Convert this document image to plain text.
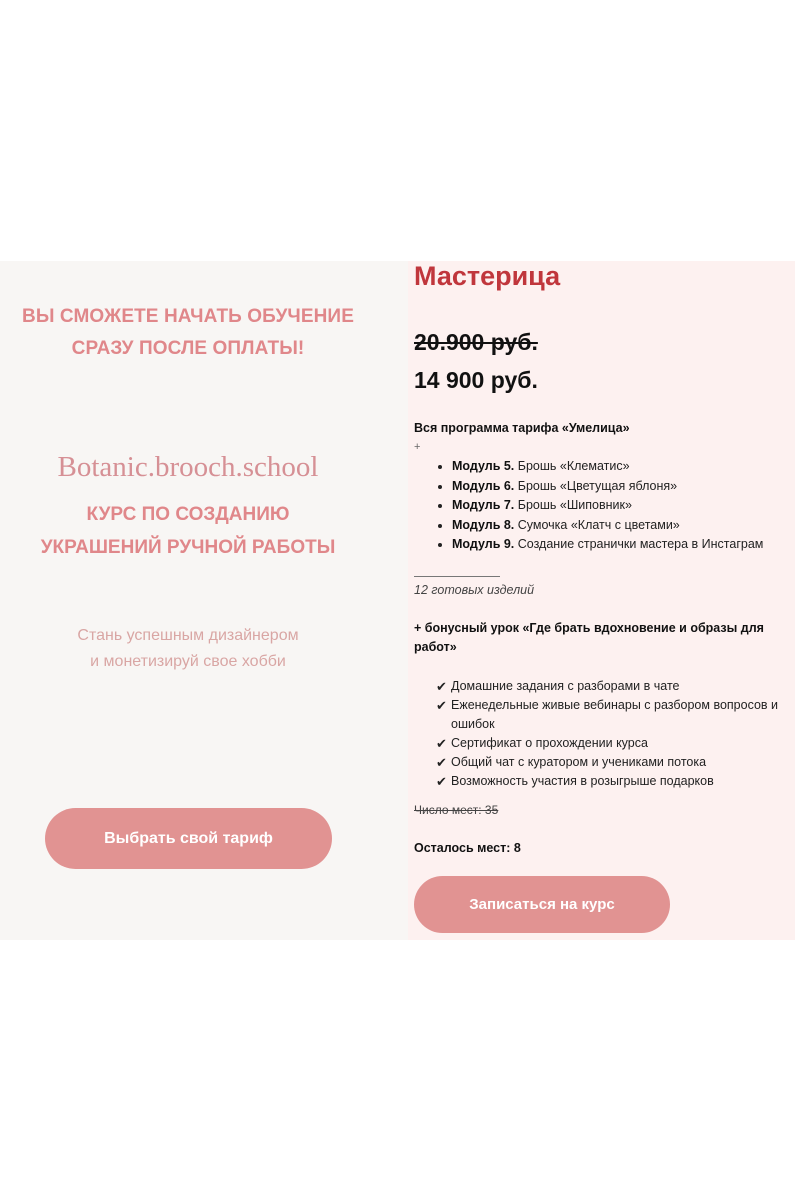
ВЫ СМОЖЕТЕ НАЧАТЬ ОБУЧЕНИЕ
СРАЗУ ПОСЛЕ ОПЛАТЫ!
Botanic.brooch.school
КУРС ПО СОЗДАНИЮ
УКРАШЕНИЙ РУЧНОЙ РАБОТЫ
Стань успешным дизайнером
и монетизируй свое хобби
Выбрать свой тариф
Мастерица
20.900 руб.
14 900 руб.
Вся программа тарифа «Умелица»
+
• Модуль 5. Брошь «Клематис»
• Модуль 6. Брошь «Цветущая яблоня»
• Модуль 7. Брошь «Шиповник»
• Модуль 8. Сумочка «Клатч с цветами»
• Модуль 9. Создание странички мастера в Инстаграм
12 готовых изделий
+ бонусный урок «Где брать вдохновение и образы для работ»
✔ Домашние задания с разборами в чате
✔ Еженедельные живые вебинары с разбором вопросов и ошибок
✔ Сертификат о прохождении курса
✔ Общий чат с куратором и учениками потока
✔ Возможность участия в розыгрыше подарков
Число мест: 35
Осталось мест: 8
Записаться на курс
